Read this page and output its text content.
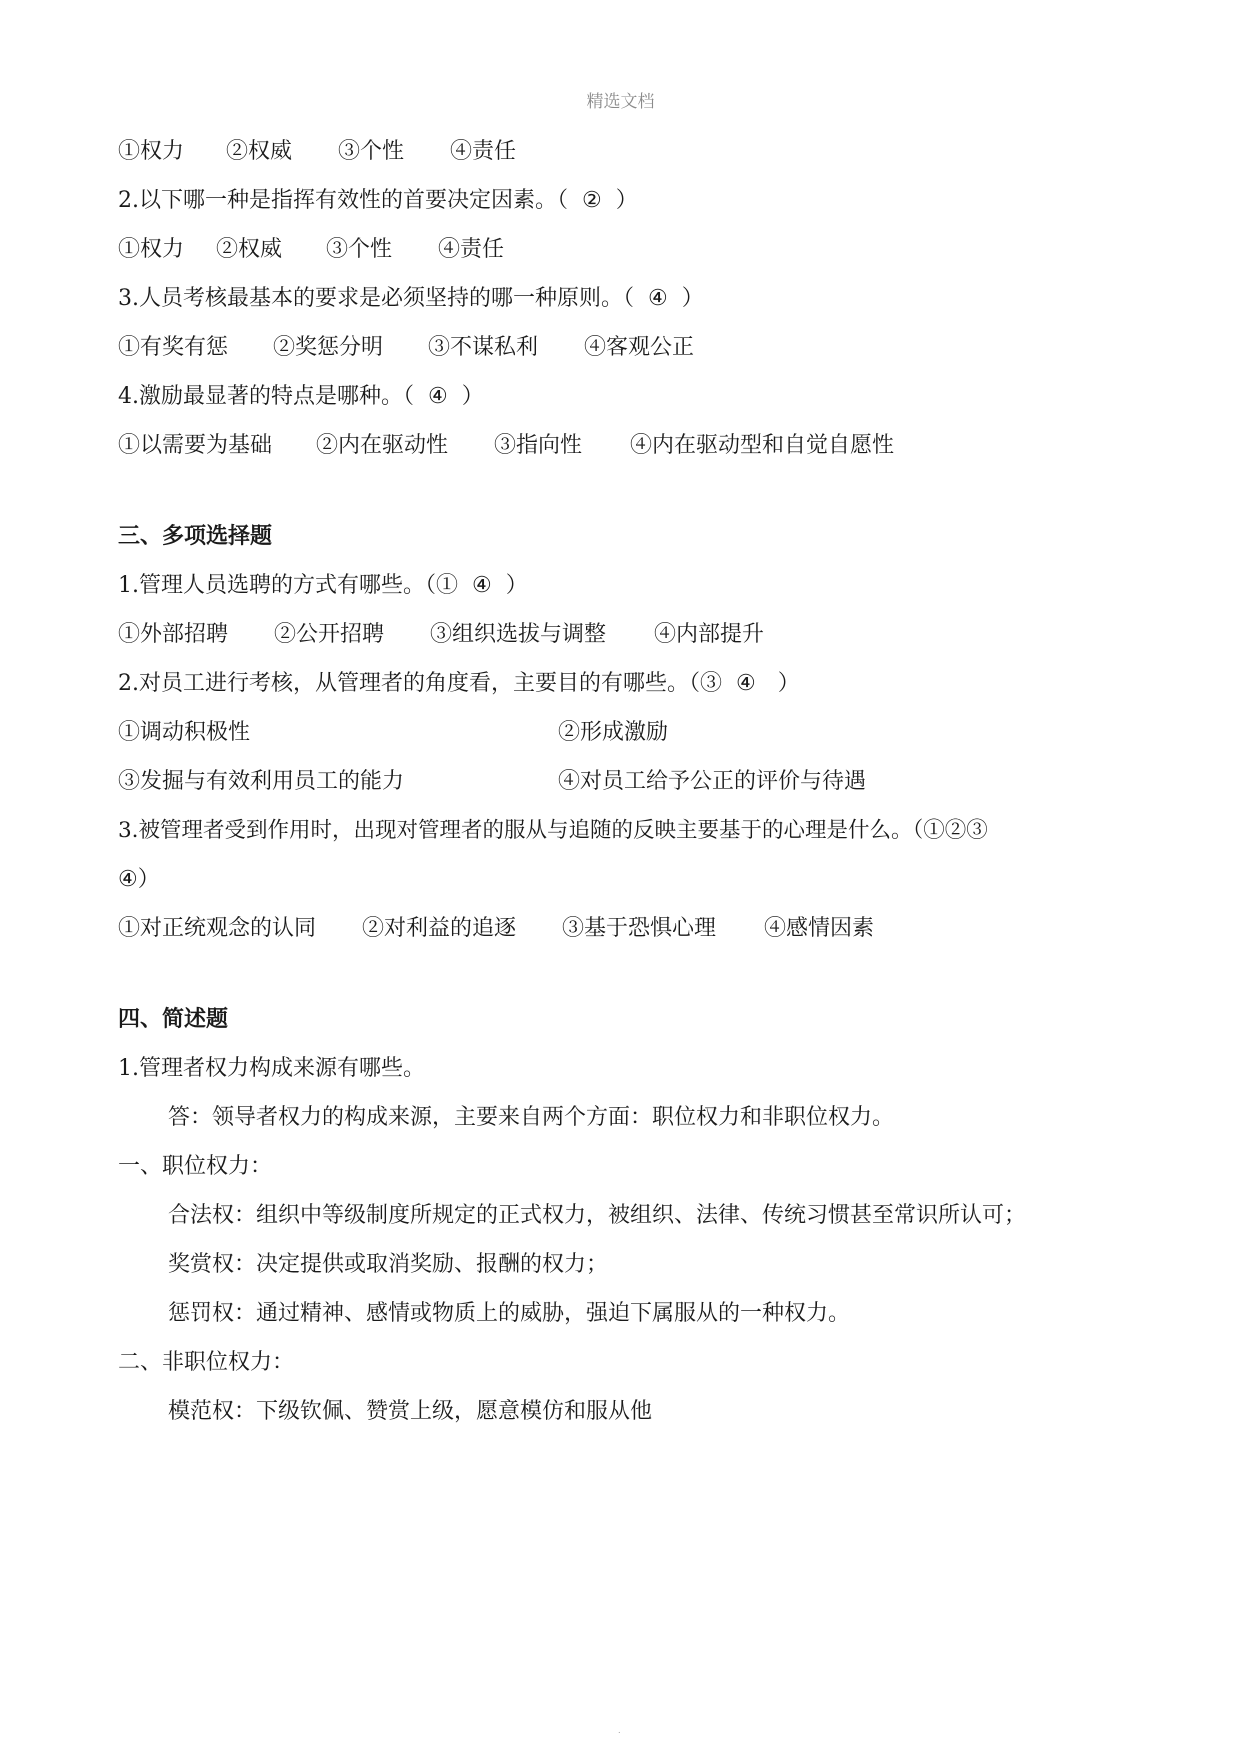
精选文档
①权力 ②权威 ③个性 ④责任
2.以下哪一种是指挥有效性的首要决定因素。（ ② ）
①权力 ②权威 ③个性 ④责任
3.人员考核最基本的要求是必须坚持的哪一种原则。（ ④ ）
①有奖有惩 ②奖惩分明 ③不谋私利 ④客观公正
4.激励最显著的特点是哪种。（ ④ ）
①以需要为基础 ②内在驱动性 ③指向性 ④内在驱动型和自觉自愿性
三、多项选择题
1.管理人员选聘的方式有哪些。（① ④ ）
①外部招聘 ②公开招聘 ③组织选拔与调整 ④内部提升
2.对员工进行考核，从管理者的角度看，主要目的有哪些。（③ ④ ）
①调动积极性	②形成激励
③发掘与有效利用员工的能力	④对员工给予公正的评价与待遇
3.被管理者受到作用时，出现对管理者的服从与追随的反映主要基于的心理是什么。（①②③
④）
①对正统观念的认同 ②对利益的追逐 ③基于恐惧心理 ④感情因素
四、简述题
1.管理者权力构成来源有哪些。
答：领导者权力的构成来源，主要来自两个方面：职位权力和非职位权力。
一、职位权力：
合法权：组织中等级制度所规定的正式权力，被组织、法律、传统习惯甚至常识所认可；
奖赏权：决定提供或取消奖励、报酬的权力；
惩罚权：通过精神、感情或物质上的威胁，强迫下属服从的一种权力。
二、非职位权力：
模范权：下级钦佩、赞赏上级，愿意模仿和服从他
.
